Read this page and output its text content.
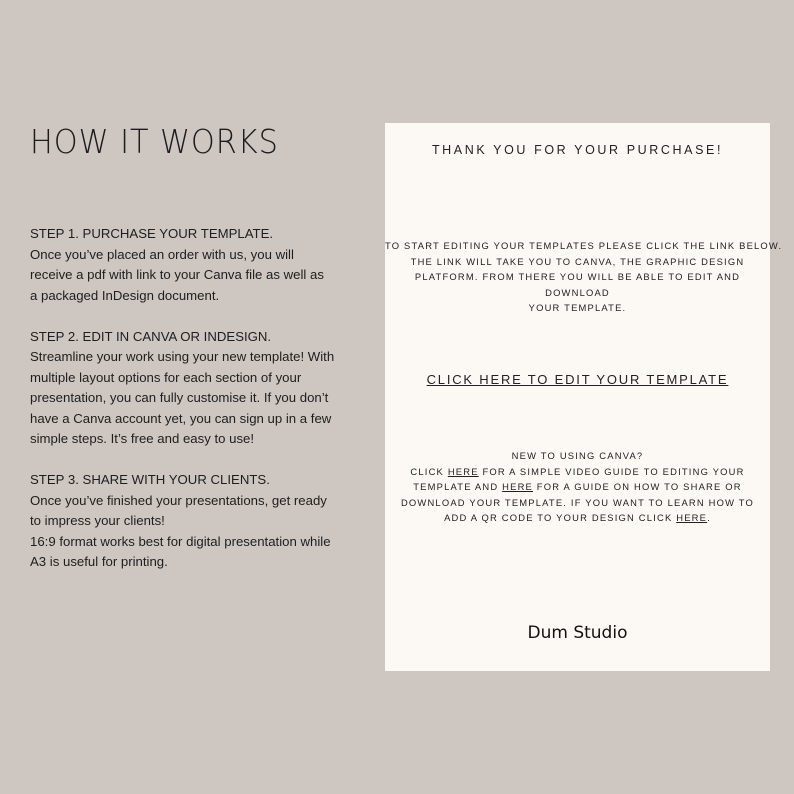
HOW IT WORKS

STEP 1. PURCHASE YOUR TEMPLATE.

Once you’ve placed an order with us, you will

receive a pdf with link to your Canva file as well as

a packaged InDesign document.

STEP 2. EDIT IN CANVA OR INDESIGN.

Streamline your work using your new template! With

multiple layout options for each section of your

presentation, you can fully customise it. If you don’t

have a Canva account yet, you can sign up in a few

simple steps. It’s free and easy to use!

STEP 3. SHARE WITH YOUR CLIENTS.

Once you’ve finished your presentations, get ready

to impress your clients!

16:9 format works best for digital presentation while

A3 is useful for printing.

THANK YOU FOR YOUR PURCHASE!
TO START EDITING YOUR TEMPLATES PLEASE CLICK THE LINK BELOW.
THE LINK WILL TAKE YOU TO CANVA, THE GRAPHIC DESIGN
PLATFORM. FROM THERE YOU WILL BE ABLE TO EDIT AND
DOWNLOAD
YOUR TEMPLATE.
CLICK HERE TO EDIT YOUR TEMPLATE
NEW TO USING CANVA?
CLICK HERE FOR A SIMPLE VIDEO GUIDE TO EDITING YOUR
TEMPLATE AND HERE FOR A GUIDE ON HOW TO SHARE OR
DOWNLOAD YOUR TEMPLATE. IF YOU WANT TO LEARN HOW TO
ADD A QR CODE TO YOUR DESIGN CLICK HERE.
Dum Studio
